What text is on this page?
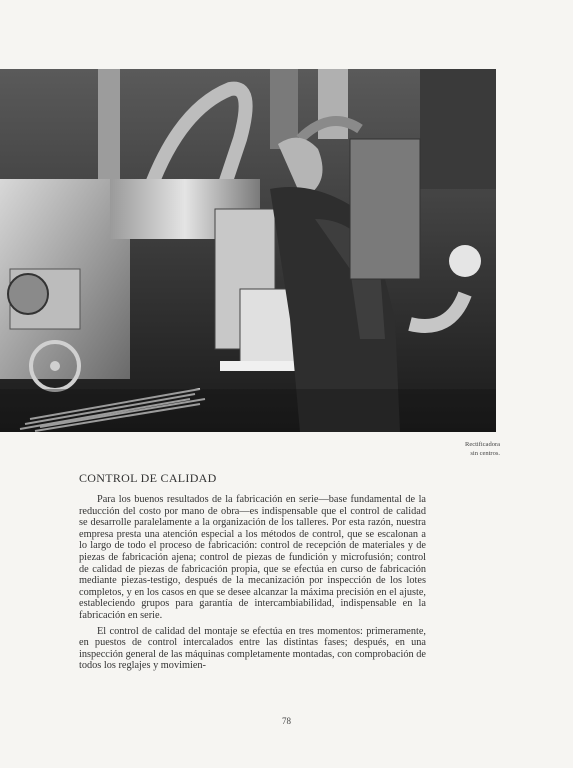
Rectificadora
sin centros.
CONTROL DE CALIDAD

Para los buenos resultados de la fabricación en serie—base fundamental de la reducción del costo por mano de obra—es indispensable que el control de calidad se desarrolle paralelamente a la organización de los talleres. Por esta razón, nuestra empresa presta una atención especial a los métodos de control, que se escalonan a lo largo de todo el proceso de fabricación: control de recepción de materiales y de piezas de fabricación ajena; control de piezas de fundición y microfusión; control de calidad de piezas de fabricación propia, que se efectúa en curso de fabricación mediante piezas-testigo, después de la mecanización por inspección de los lotes completos, y en los casos en que se desee alcanzar la máxima precisión en el ajuste, estableciendo grupos para garantía de intercambiabilidad, indispensable en la fabricación en serie.

El control de calidad del montaje se efectúa en tres momentos: primeramente, en puestos de control intercalados entre las distintas fases; después, en una inspección general de las máquinas completamente montadas, con comprobación de todos los reglajes y movimien-

78
